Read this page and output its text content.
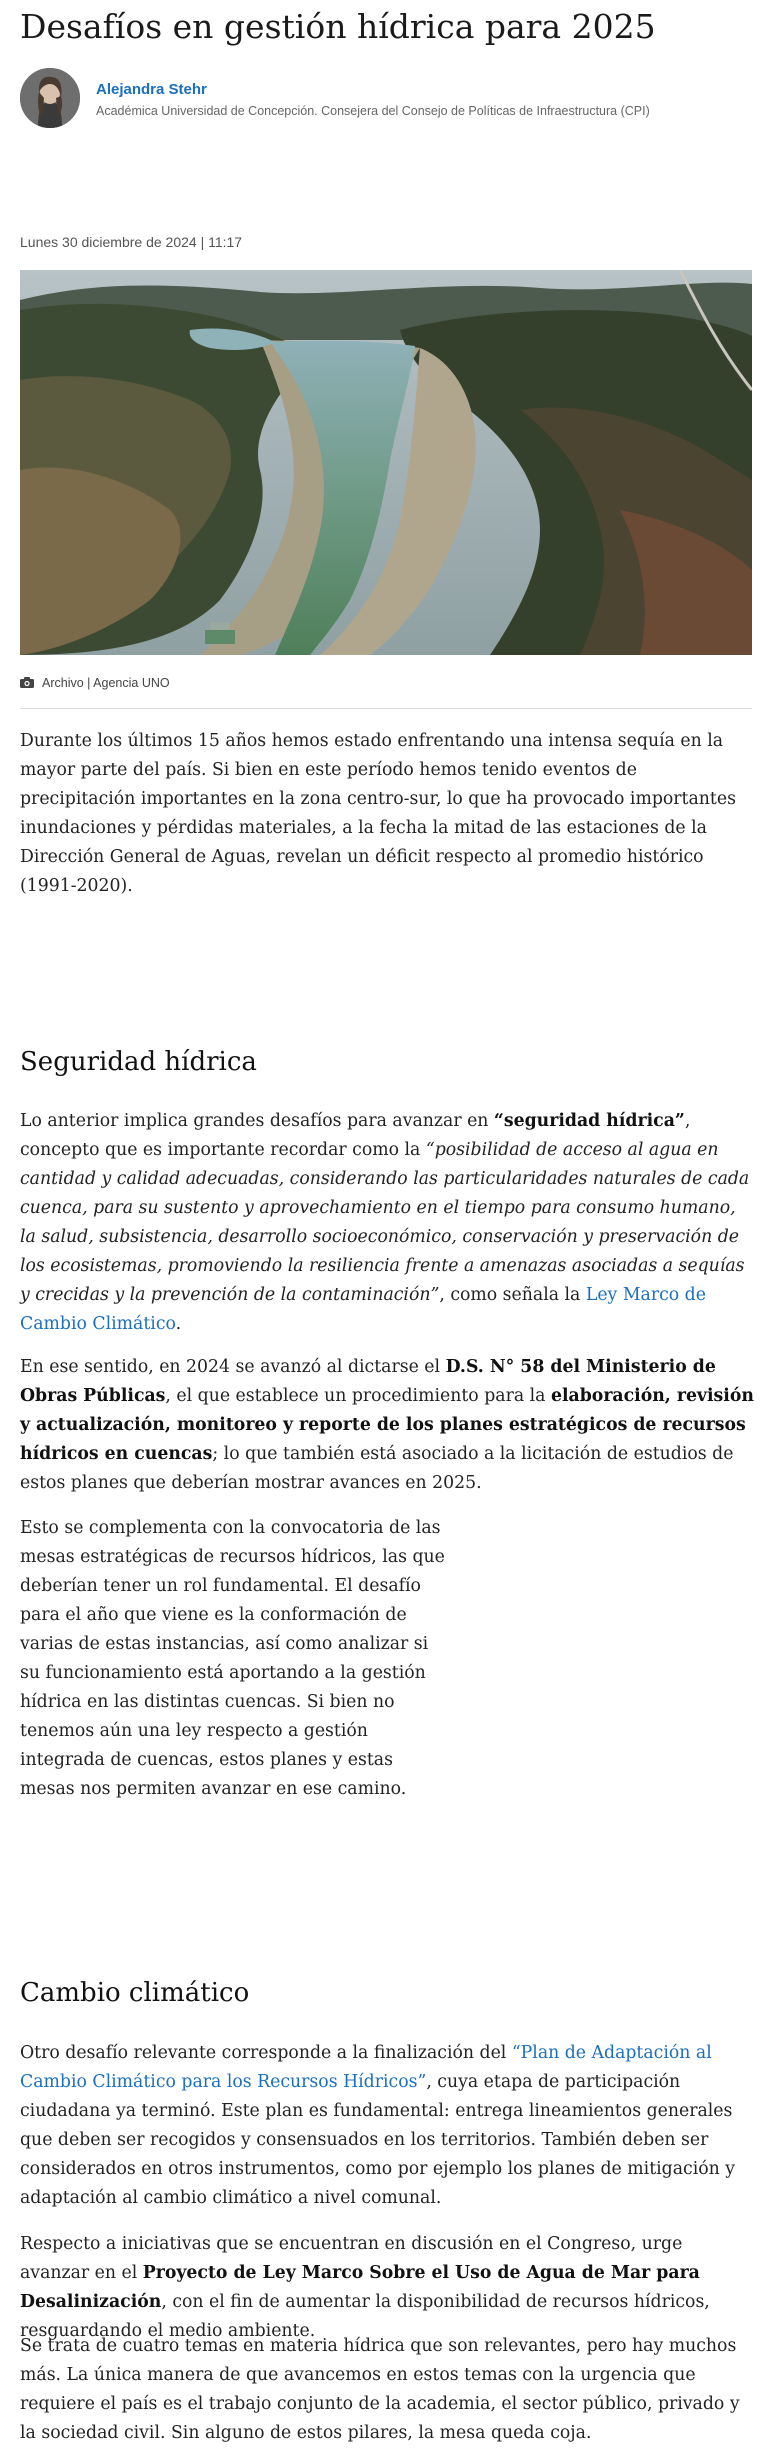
Desafíos en gestión hídrica para 2025

Alejandra Stehr

Académica Universidad de Concepción. Consejera del Consejo de Políticas de Infraestructura (CPI)

Lunes 30 diciembre de 2024 | 11:17

Archivo | Agencia UNO

Durante los últimos 15 años hemos estado enfrentando una intensa sequía en la mayor parte del país. Si bien en este período hemos tenido eventos de precipitación importantes en la zona centro-sur, lo que ha provocado importantes inundaciones y pérdidas materiales, a la fecha la mitad de las estaciones de la Dirección General de Aguas, revelan un déficit respecto al promedio histórico (1991-2020).

Seguridad hídrica

Lo anterior implica grandes desafíos para avanzar en “seguridad hídrica”, concepto que es importante recordar como la “posibilidad de acceso al agua en cantidad y calidad adecuadas, considerando las particularidades naturales de cada cuenca, para su sustento y aprovechamiento en el tiempo para consumo humano, la salud, subsistencia, desarrollo socioeconómico, conservación y preservación de los ecosistemas, promoviendo la resiliencia frente a amenazas asociadas a sequías y crecidas y la prevención de la contaminación”, como señala la Ley Marco de Cambio Climático.

En ese sentido, en 2024 se avanzó al dictarse el D.S. N° 58 del Ministerio de Obras Públicas, el que establece un procedimiento para la elaboración, revisión y actualización, monitoreo y reporte de los planes estratégicos de recursos hídricos en cuencas; lo que también está asociado a la licitación de estudios de estos planes que deberían mostrar avances en 2025.

Esto se complementa con la convocatoria de las mesas estratégicas de recursos hídricos, las que deberían tener un rol fundamental. El desafío para el año que viene es la conformación de varias de estas instancias, así como analizar si su funcionamiento está aportando a la gestión hídrica en las distintas cuencas. Si bien no tenemos aún una ley respecto a gestión integrada de cuencas, estos planes y estas mesas nos permiten avanzar en ese camino.

Cambio climático

Otro desafío relevante corresponde a la finalización del “Plan de Adaptación al Cambio Climático para los Recursos Hídricos”, cuya etapa de participación ciudadana ya terminó. Este plan es fundamental: entrega lineamientos generales que deben ser recogidos y consensuados en los territorios. También deben ser considerados en otros instrumentos, como por ejemplo los planes de mitigación y adaptación al cambio climático a nivel comunal.

Respecto a iniciativas que se encuentran en discusión en el Congreso, urge avanzar en el Proyecto de Ley Marco Sobre el Uso de Agua de Mar para Desalinización, con el fin de aumentar la disponibilidad de recursos hídricos, resguardando el medio ambiente.

Se trata de cuatro temas en materia hídrica que son relevantes, pero hay muchos más. La única manera de que avancemos en estos temas con la urgencia que requiere el país es el trabajo conjunto de la academia, el sector público, privado y la sociedad civil. Sin alguno de estos pilares, la mesa queda coja.
